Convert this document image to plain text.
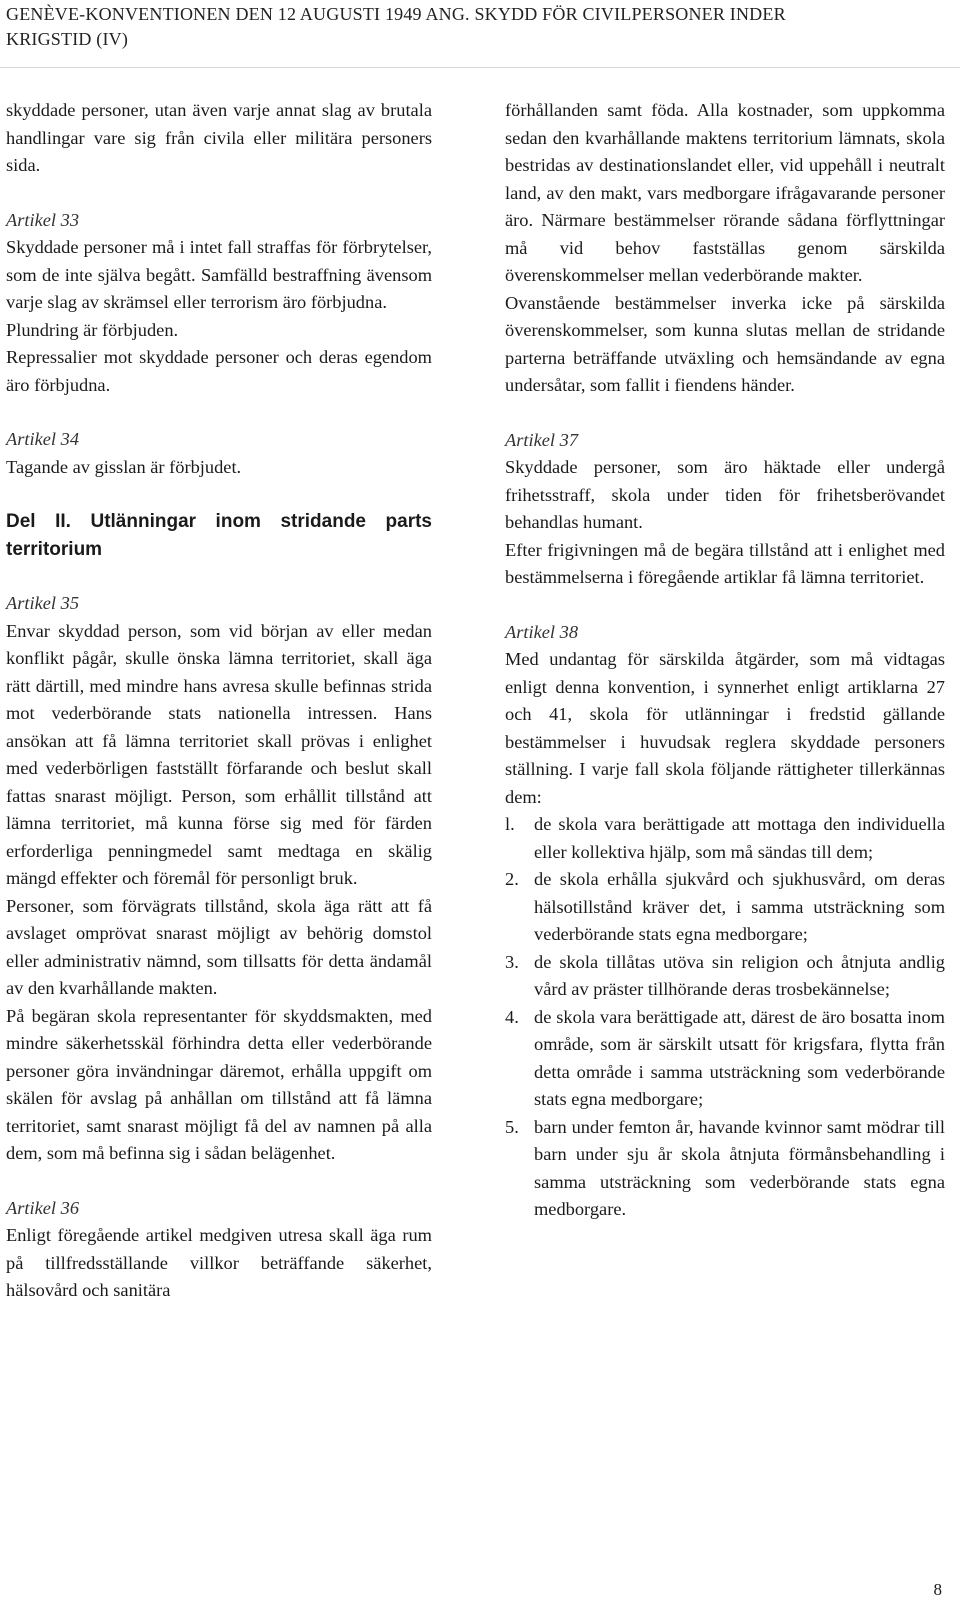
GENÈVE-KONVENTIONEN DEN 12 AUGUSTI 1949 ANG. SKYDD FÖR CIVILPERSONER INDER
KRIGSTID (IV)

skyddade personer, utan även varje annat slag av brutala handlingar vare sig från civila eller militära personers sida.

Artikel 33

Skyddade personer må i intet fall straffas för förbrytelser, som de inte själva begått. Samfälld bestraffning ävensom varje slag av skrämsel eller terrorism äro förbjudna.

Plundring är förbjuden.

Repressalier mot skyddade personer och deras egendom äro förbjudna.

Artikel 34

Tagande av gisslan är förbjudet.

Del II. Utlänningar inom stridande parts territorium

Artikel 35

Envar skyddad person, som vid början av eller medan konflikt pågår, skulle önska lämna territoriet, skall äga rätt därtill, med mindre hans avresa skulle befinnas strida mot vederbörande stats nationella intressen. Hans ansökan att få lämna territoriet skall prövas i enlighet med vederbörligen fastställt förfarande och beslut skall fattas snarast möjligt. Person, som erhållit tillstånd att lämna territoriet, må kunna förse sig med för färden erforderliga penningmedel samt medtaga en skälig mängd effekter och föremål för personligt bruk.

Personer, som förvägrats tillstånd, skola äga rätt att få avslaget omprövat snarast möjligt av behörig domstol eller administrativ nämnd, som tillsatts för detta ändamål av den kvarhållande makten.

På begäran skola representanter för skyddsmakten, med mindre säkerhetsskäl förhindra detta eller vederbörande personer göra invändningar däremot, erhålla uppgift om skälen för avslag på anhållan om tillstånd att få lämna territoriet, samt snarast möjligt få del av namnen på alla dem, som må befinna sig i sådan belägenhet.

Artikel 36

Enligt föregående artikel medgiven utresa skall äga rum på tillfredsställande villkor beträffande säkerhet, hälsovård och sanitära

förhållanden samt föda. Alla kostnader, som uppkomma sedan den kvarhållande maktens territorium lämnats, skola bestridas av destinationslandet eller, vid uppehåll i neutralt land, av den makt, vars medborgare ifrågavarande personer äro. Närmare bestämmelser rörande sådana förflyttningar må vid behov fastställas genom särskilda överenskommelser mellan vederbörande makter.

Ovanstående bestämmelser inverka icke på särskilda överenskommelser, som kunna slutas mellan de stridande parterna beträffande utväxling och hemsändande av egna undersåtar, som fallit i fiendens händer.

Artikel 37

Skyddade personer, som äro häktade eller undergå frihetsstraff, skola under tiden för frihetsberövandet behandlas humant.

Efter frigivningen må de begära tillstånd att i enlighet med bestämmelserna i föregående artiklar få lämna territoriet.

Artikel 38

Med undantag för särskilda åtgärder, som må vidtagas enligt denna konvention, i synnerhet enligt artiklarna 27 och 41, skola för utlänningar i fredstid gällande bestämmelser i huvudsak reglera skyddade personers ställning. I varje fall skola följande rättigheter tillerkännas dem:

l. de skola vara berättigade att mottaga den individuella eller kollektiva hjälp, som må sändas till dem;
2. de skola erhålla sjukvård och sjukhusvård, om deras hälsotillstånd kräver det, i samma utsträckning som vederbörande stats egna medborgare;
3. de skola tillåtas utöva sin religion och åtnjuta andlig vård av präster tillhörande deras trosbekännelse;
4. de skola vara berättigade att, därest de äro bosatta inom område, som är särskilt utsatt för krigsfara, flytta från detta område i samma utsträckning som vederbörande stats egna medborgare;
5. barn under femton år, havande kvinnor samt mödrar till barn under sju år skola åtnjuta förmånsbehandling i samma utsträckning som vederbörande stats egna medborgare.
8
